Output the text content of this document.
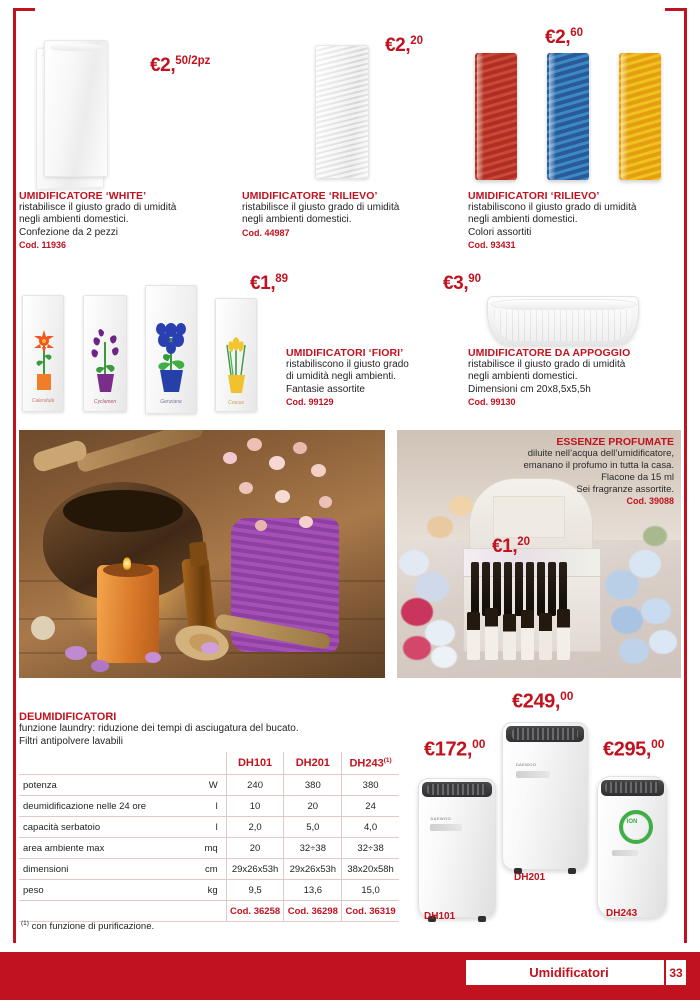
€2,$^{50/2pz}$
UMIDIFICATORE ‘WHITE’
ristabilisce il giusto grado di umidità
negli ambienti domestici.
Confezione da 2 pezzi
Cod. 11936
€2,20
UMIDIFICATORE ‘RILIEVO’
ristabilisce il giusto grado di umidità
negli ambienti domestici.
Cod. 44987
€2,60
UMIDIFICATORI ‘RILIEVO’
ristabiliscono il giusto grado di umidità
negli ambienti domestici.
Colori assortiti
Cod. 93431
Calendula	Cyclamen	Genziana	Crocus
€1,89
UMIDIFICATORI ‘FIORI’
ristabiliscono il giusto grado
di umidità negli ambienti.
Fantasie assortite
Cod. 99129
€3,90
UMIDIFICATORE DA APPOGGIO
ristabilisce il giusto grado di umidità
negli ambienti domestici.
Dimensioni cm 20x8,5x5,5h
Cod. 99130
ESSENZE PROFUMATE
diluite nell’acqua dell’umidificatore,
emanano il profumo in tutta la casa.
Flacone da 15 ml
Sei fragranze assortite.
Cod. 39088
€1,20
DEUMIDIFICATORI
funzione laundry: riduzione dei tempi di asciugatura del bucato.
Filtri antipolvere lavabili
		DH101	DH201	DH243$^{(1)}$
potenza	W	240	380	380
deumidificazione nelle 24 ore	l	10	20	24
capacità serbatoio	l	2,0	5,0	4,0
area ambiente max	mq	20	32÷38	32÷38
dimensioni	cm	29x26x53h	29x26x53h	38x20x58h
peso	kg	9,5	13,6	15,0
		Cod. 36258	Cod. 36298	Cod. 36319
$^{(1)}$ con funzione di purificazione.
DAEWOO
€172,00
DH101
DAEWOO
€249,00
DH201
ION
€295,00
DH243
Umidificatori	33
